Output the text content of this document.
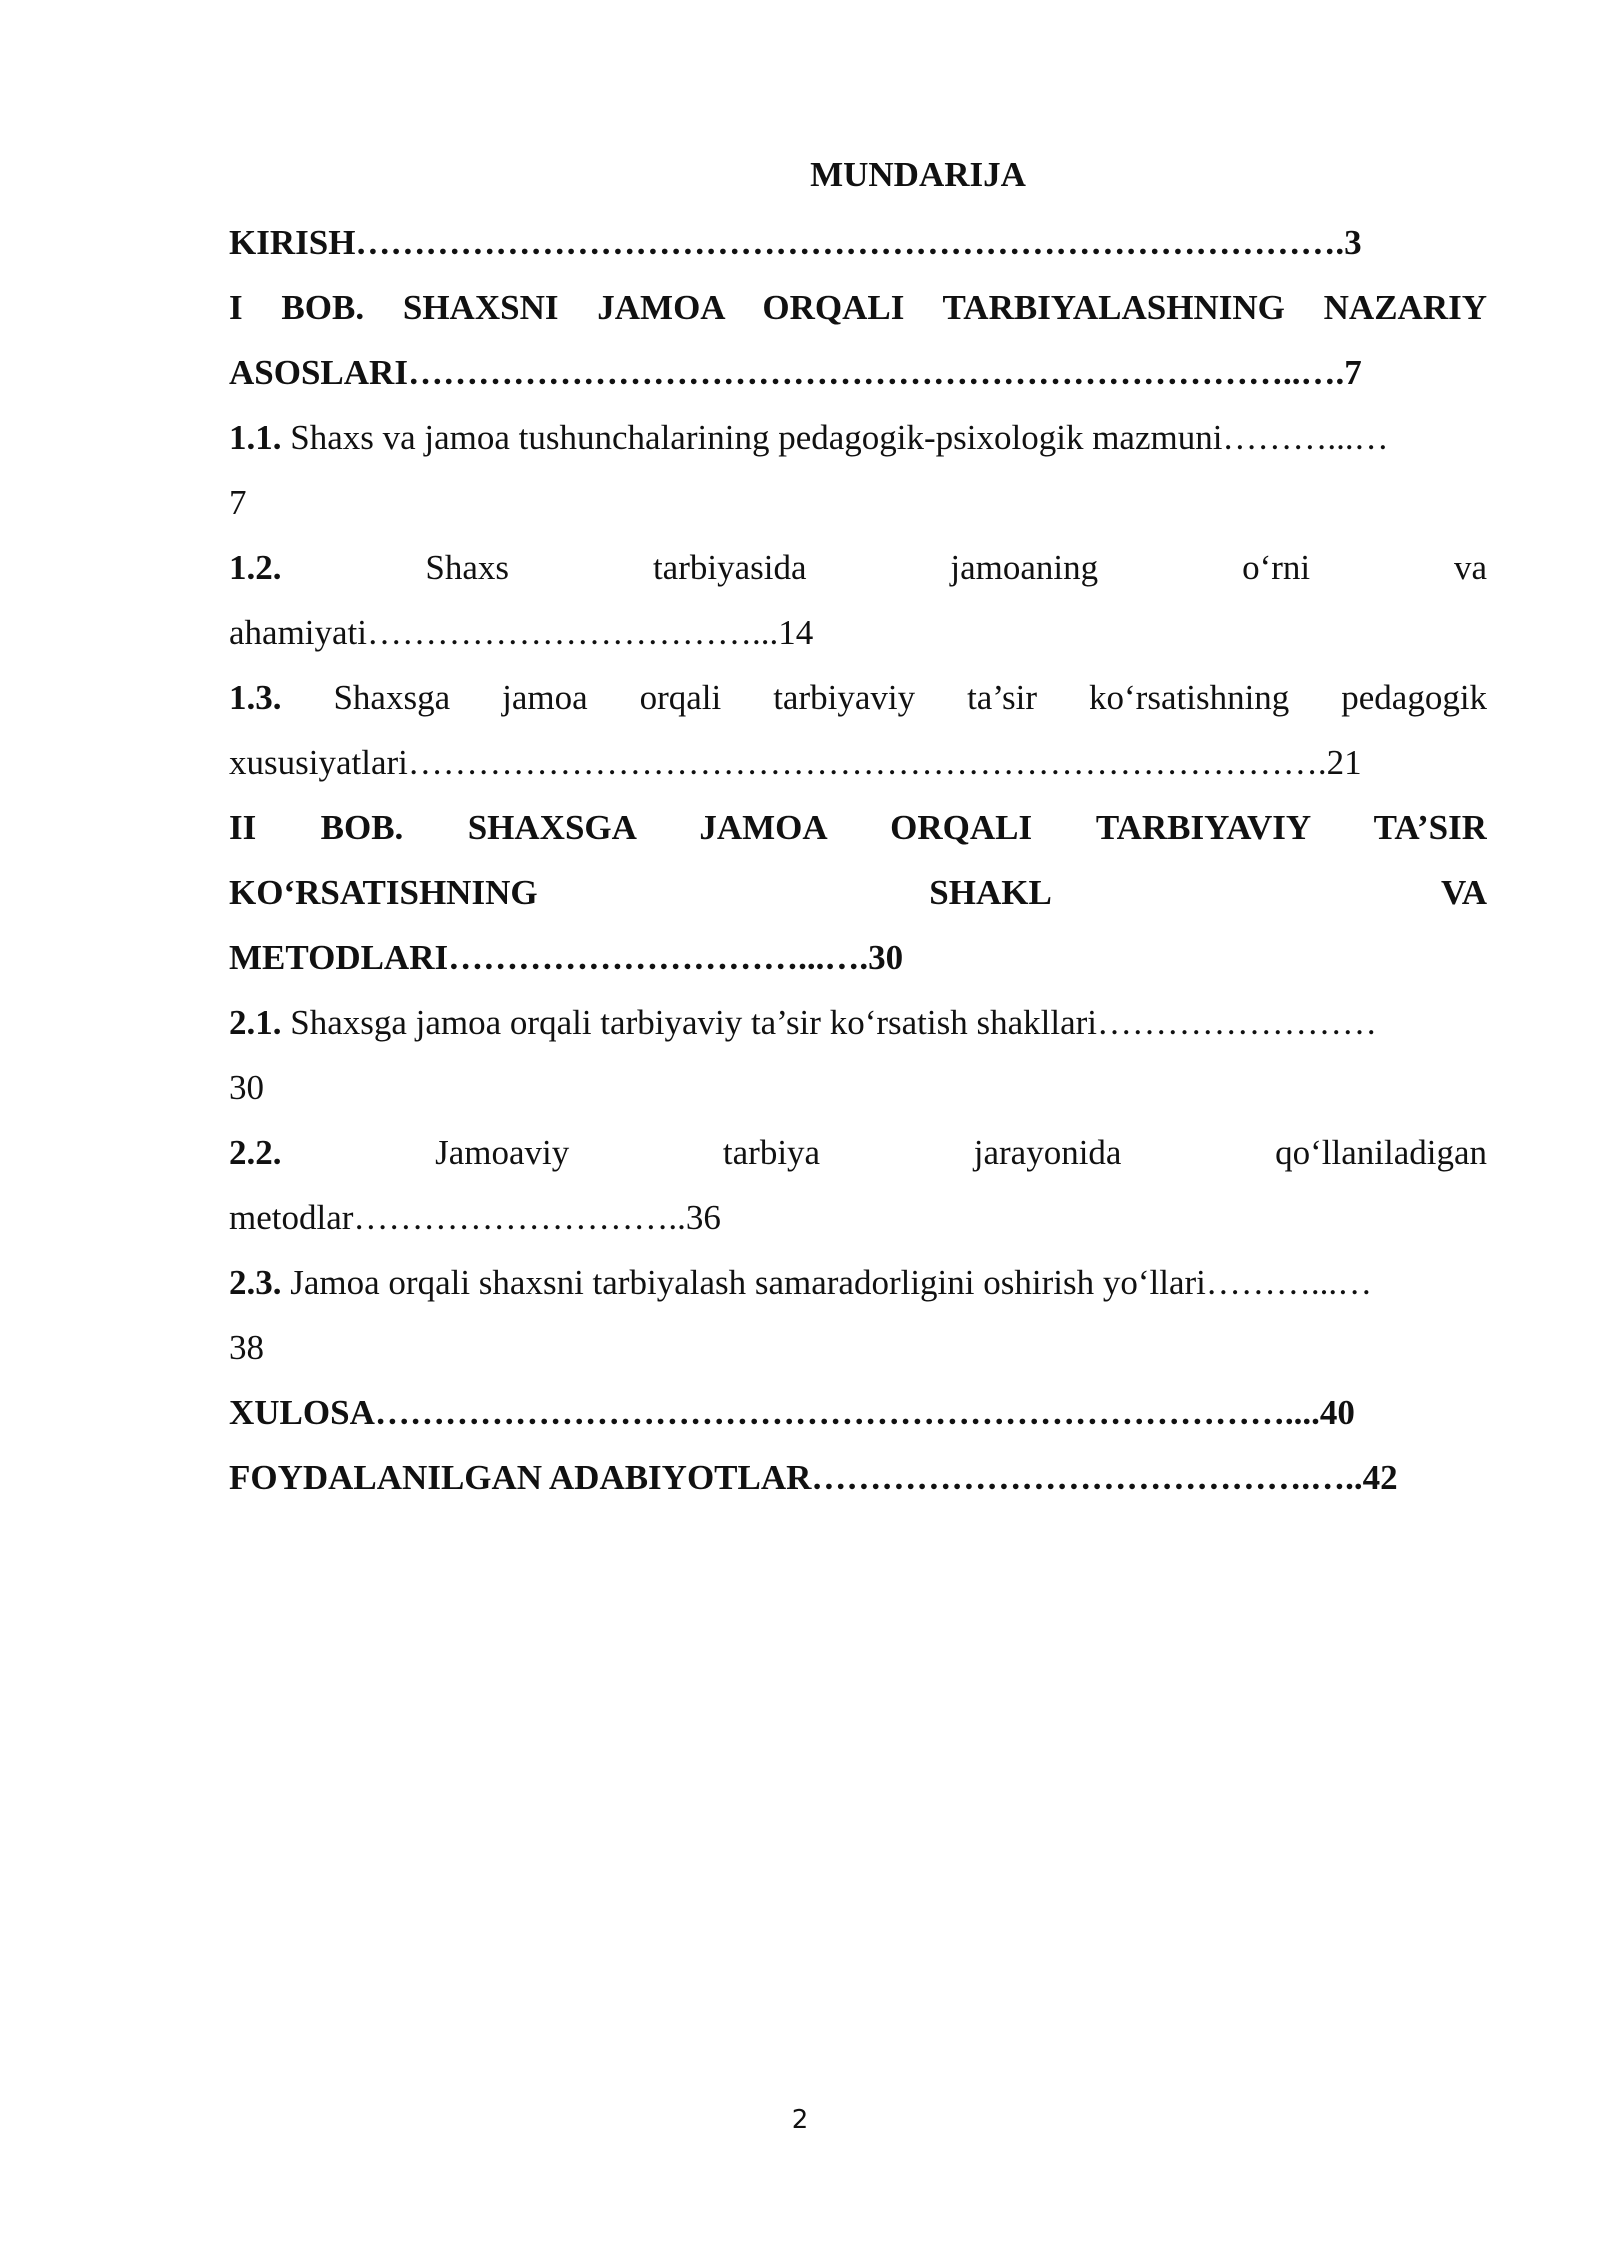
MUNDARIJA
KIRISH………………………………………………………………………….3
I BOB. SHAXSNI JAMOA ORQALI TARBIYALASHNING NAZARIY
ASOSLARI…………………………………………………………………..….7
1.1. Shaxs va jamoa tushunchalarining pedagogik-psixologik mazmuni………...…
7
1.2.	Shaxs	tarbiyasida	jamoaning	o‘rni	va
ahamiyati……………………………...14
1.3. Shaxsga jamoa orqali tarbiyaviy ta’sir ko‘rsatishning pedagogik
xususiyatlari…………………………………………………………………….21
II BOB. SHAXSGA JAMOA ORQALI TARBIYAVIY TA’SIR
KO‘RSATISHNING	SHAKL	VA
METODLARI…………………………...….30
2.1. Shaxsga jamoa orqali tarbiyaviy ta’sir ko‘rsatish shakllari……………………
30
2.2.	Jamoaviy	tarbiya	jarayonida	qo‘llaniladigan
metodlar………………………..36
2.3. Jamoa orqali shaxsni tarbiyalash samaradorligini oshirish yo‘llari………...…
38
XULOSA……………………………………………………………………....40
FOYDALANILGAN ADABIYOTLAR…………………………………….…..42
2
